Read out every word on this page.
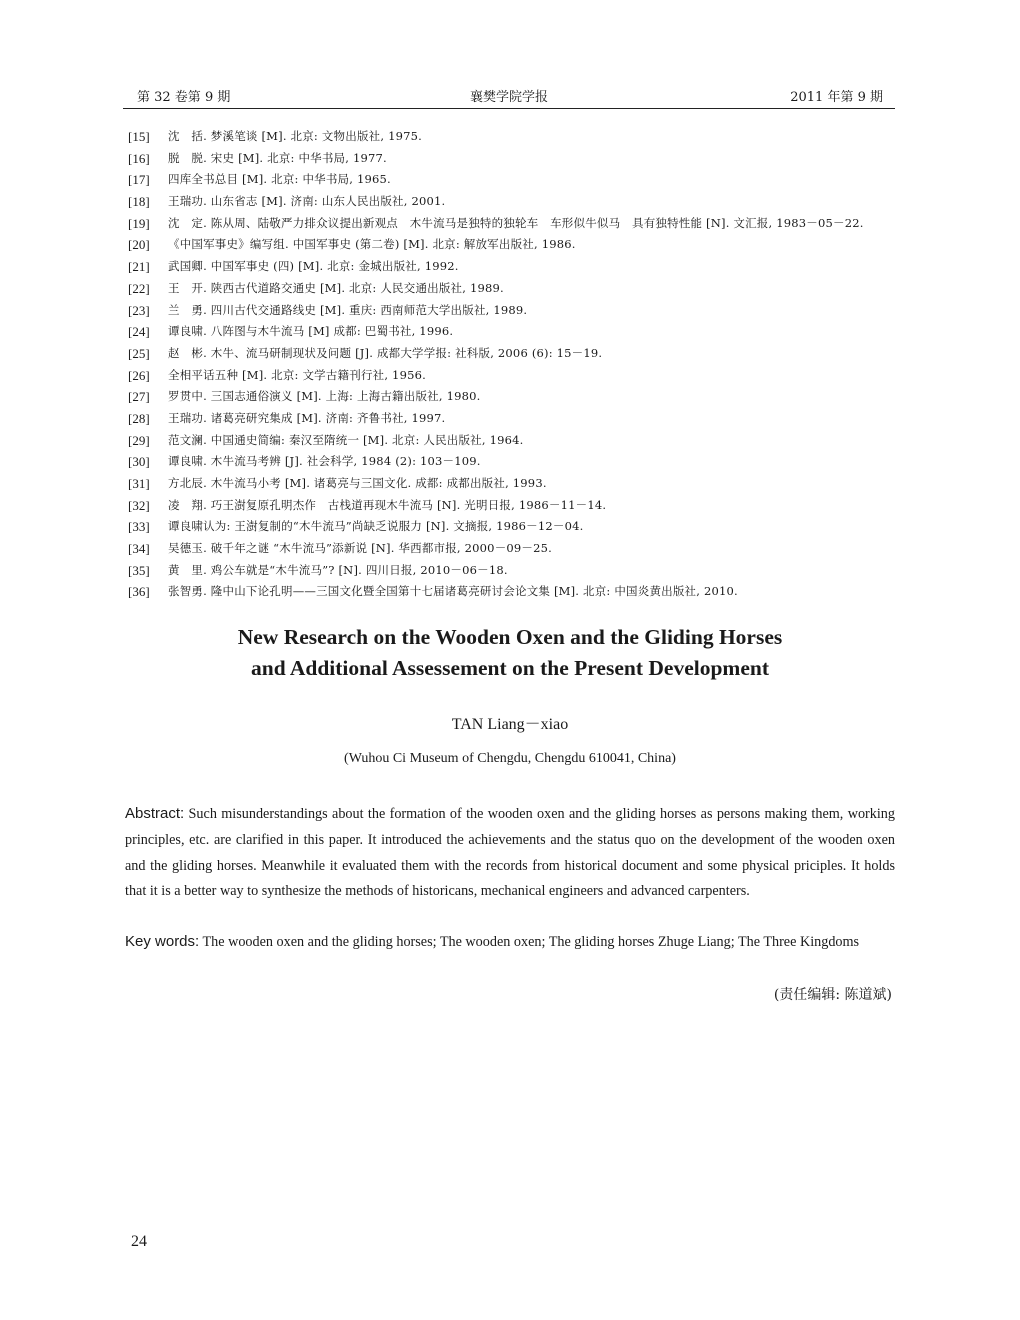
第 32 卷第 9 期	襄樊学院学报	2011 年第 9 期
[15] 沈　括. 梦溪笔谈 [M]. 北京: 文物出版社, 1975.
[16] 脱　脱. 宋史 [M]. 北京: 中华书局, 1977.
[17] 四库全书总目 [M]. 北京: 中华书局, 1965.
[18] 王瑞功. 山东省志 [M]. 济南: 山东人民出版社, 2001.
[19] 沈　定. 陈从周、陆敬严力排众议提出新观点　木牛流马是独特的独轮车　车形似牛似马　具有独特性能 [N]. 文汇报, 1983－05－22.
[20] 《中国军事史》编写组. 中国军事史 (第二卷) [M]. 北京: 解放军出版社, 1986.
[21] 武国卿. 中国军事史 (四) [M]. 北京: 金城出版社, 1992.
[22] 王　开. 陕西古代道路交通史 [M]. 北京: 人民交通出版社, 1989.
[23] 兰　勇. 四川古代交通路线史 [M]. 重庆: 西南师范大学出版社, 1989.
[24] 谭良啸. 八阵图与木牛流马 [M] 成都: 巴蜀书社, 1996.
[25] 赵　彬. 木牛、流马研制现状及问题 [J]. 成都大学学报: 社科版, 2006 (6): 15－19.
[26] 全相平话五种 [M]. 北京: 文学古籍刊行社, 1956.
[27] 罗贯中. 三国志通俗演义 [M]. 上海: 上海古籍出版社, 1980.
[28] 王瑞功. 诸葛亮研究集成 [M]. 济南: 齐鲁书社, 1997.
[29] 范文澜. 中国通史简编: 秦汉至隋统一 [M]. 北京: 人民出版社, 1964.
[30] 谭良啸. 木牛流马考辨 [J]. 社会科学, 1984 (2): 103－109.
[31] 方北辰. 木牛流马小考 [M]. 诸葛亮与三国文化. 成都: 成都出版社, 1993.
[32] 凌　翔. 巧王澍复原孔明杰作　古栈道再现木牛流马 [N]. 光明日报, 1986－11－14.
[33] 谭良啸认为: 王澍复制的“木牛流马”尚缺乏说服力 [N]. 文摘报, 1986－12－04.
[34] 吴德玉. 破千年之谜 “木牛流马”添新说 [N]. 华西都市报, 2000－09－25.
[35] 黄　里. 鸡公车就是“木牛流马”? [N]. 四川日报, 2010－06－18.
[36] 张智勇. 隆中山下论孔明——三国文化暨全国第十七届诸葛亮研讨会论文集 [M]. 北京: 中国炎黄出版社, 2010.
New Research on the Wooden Oxen and the Gliding Horses
and Additional Assessement on the Present Development
TAN Liang－xiao
(Wuhou Ci Museum of Chengdu, Chengdu 610041, China)
Abstract: Such misunderstandings about the formation of the wooden oxen and the gliding horses as persons making them, working principles, etc. are clarified in this paper. It introduced the achievements and the status quo on the development of the wooden oxen and the gliding horses. Meanwhile it evaluated them with the records from historical document and some physical priciples. It holds that it is a better way to synthesize the methods of historicans, mechanical engineers and advanced carpenters.
Key words: The wooden oxen and the gliding horses; The wooden oxen; The gliding horses Zhuge Liang; The Three Kingdoms
(责任编辑: 陈道斌)
24
